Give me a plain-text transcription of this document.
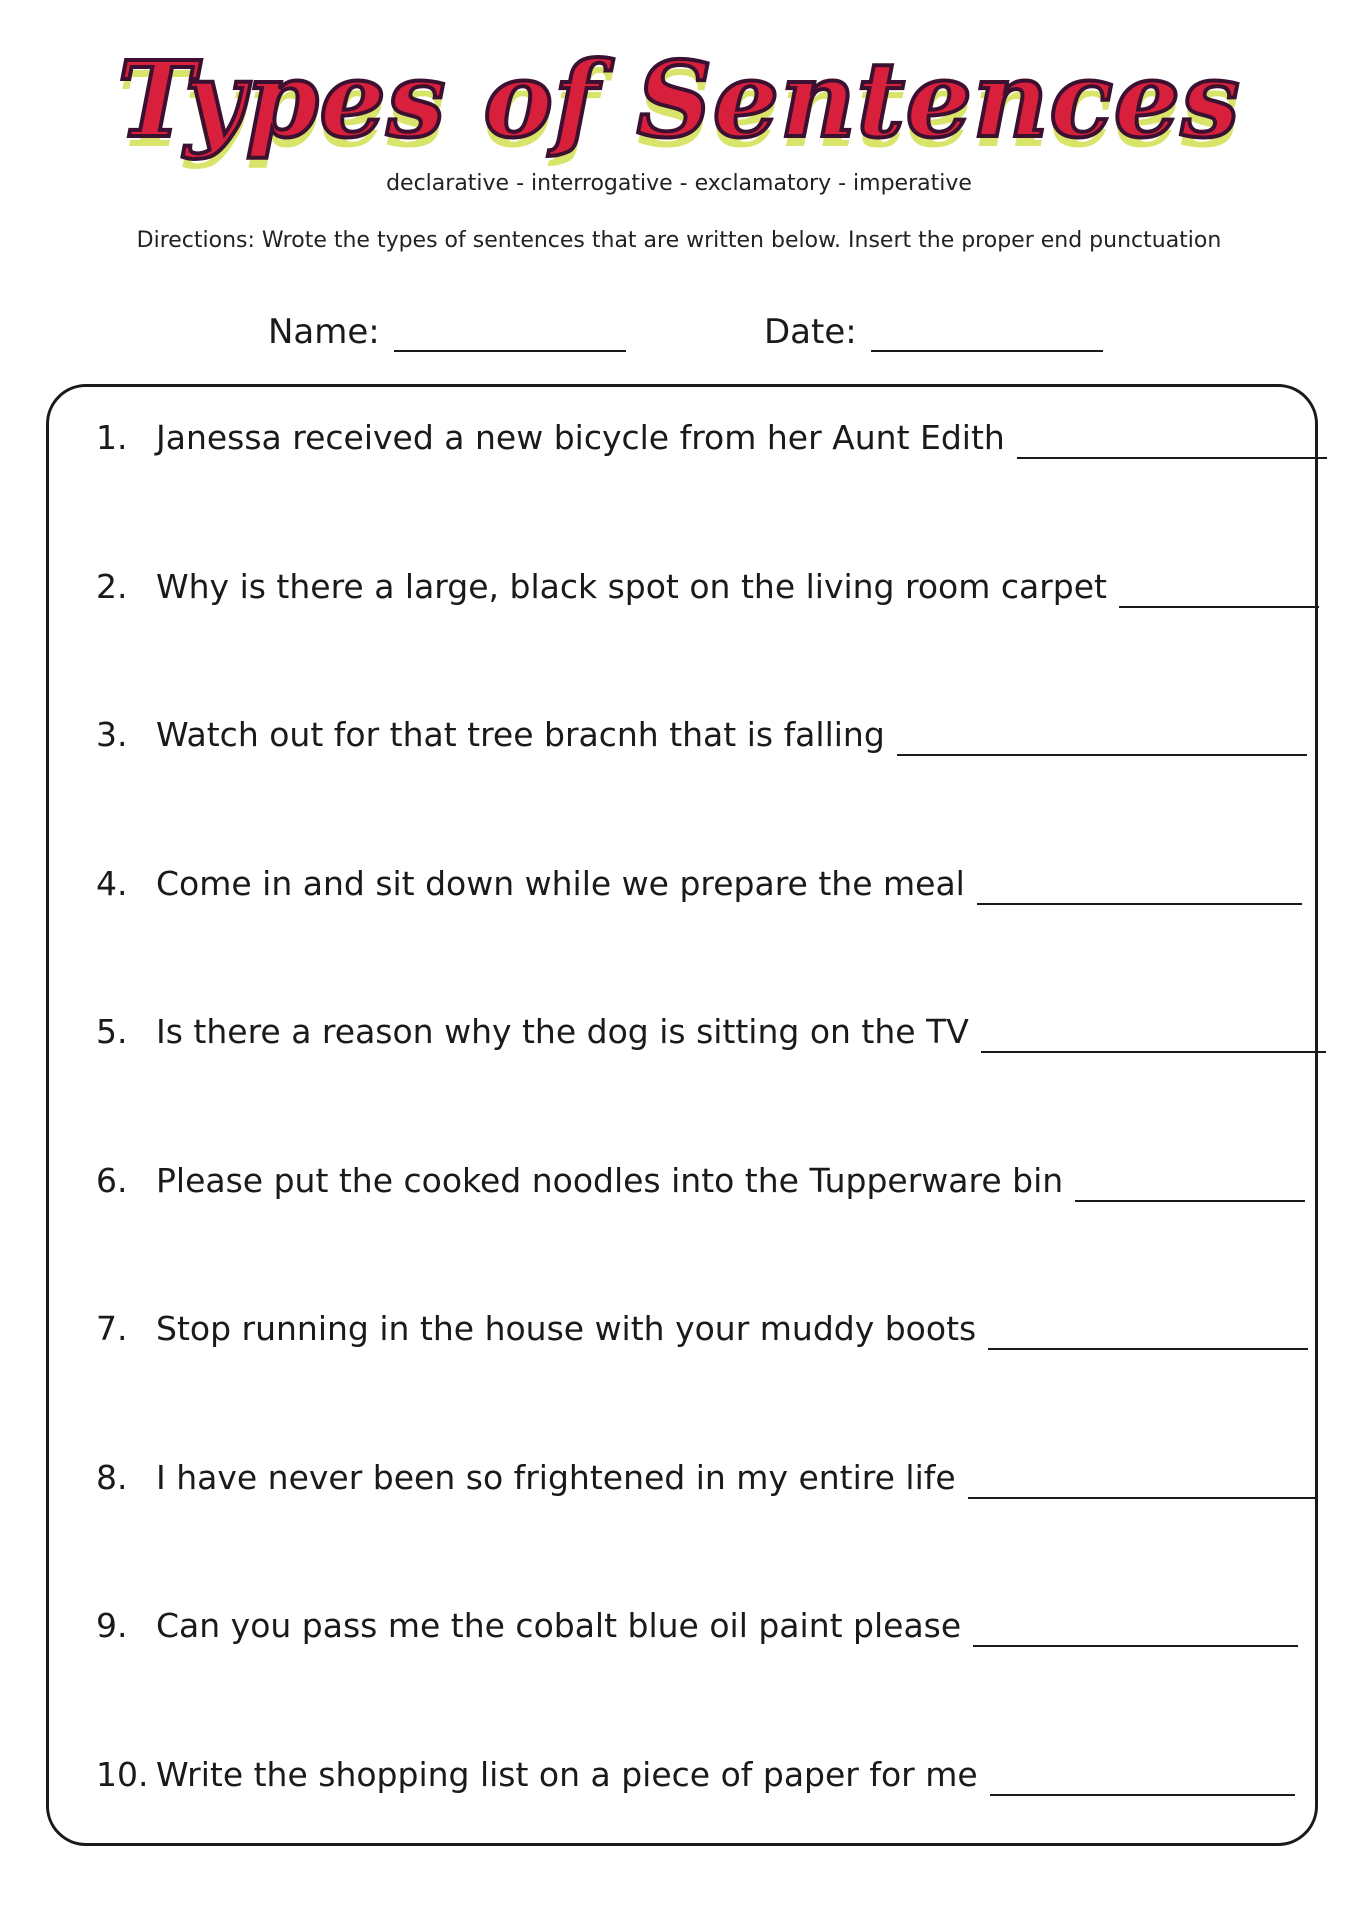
Types of Sentences
declarative - interrogative - exclamatory - imperative
Directions: Wrote the types of sentences that are written below. Insert the proper end punctuation
Name:	Date:
1. Janessa received a new bicycle from her Aunt Edith
2. Why is there a large, black spot on the living room carpet
3. Watch out for that tree bracnh that is falling
4. Come in and sit down while we prepare the meal
5. Is there a reason why the dog is sitting on the TV
6. Please put the cooked noodles into the Tupperware bin
7. Stop running in the house with your muddy boots
8. I have never been so frightened in my entire life
9. Can you pass me the cobalt blue oil paint please
10. Write the shopping list on a piece of paper for me
